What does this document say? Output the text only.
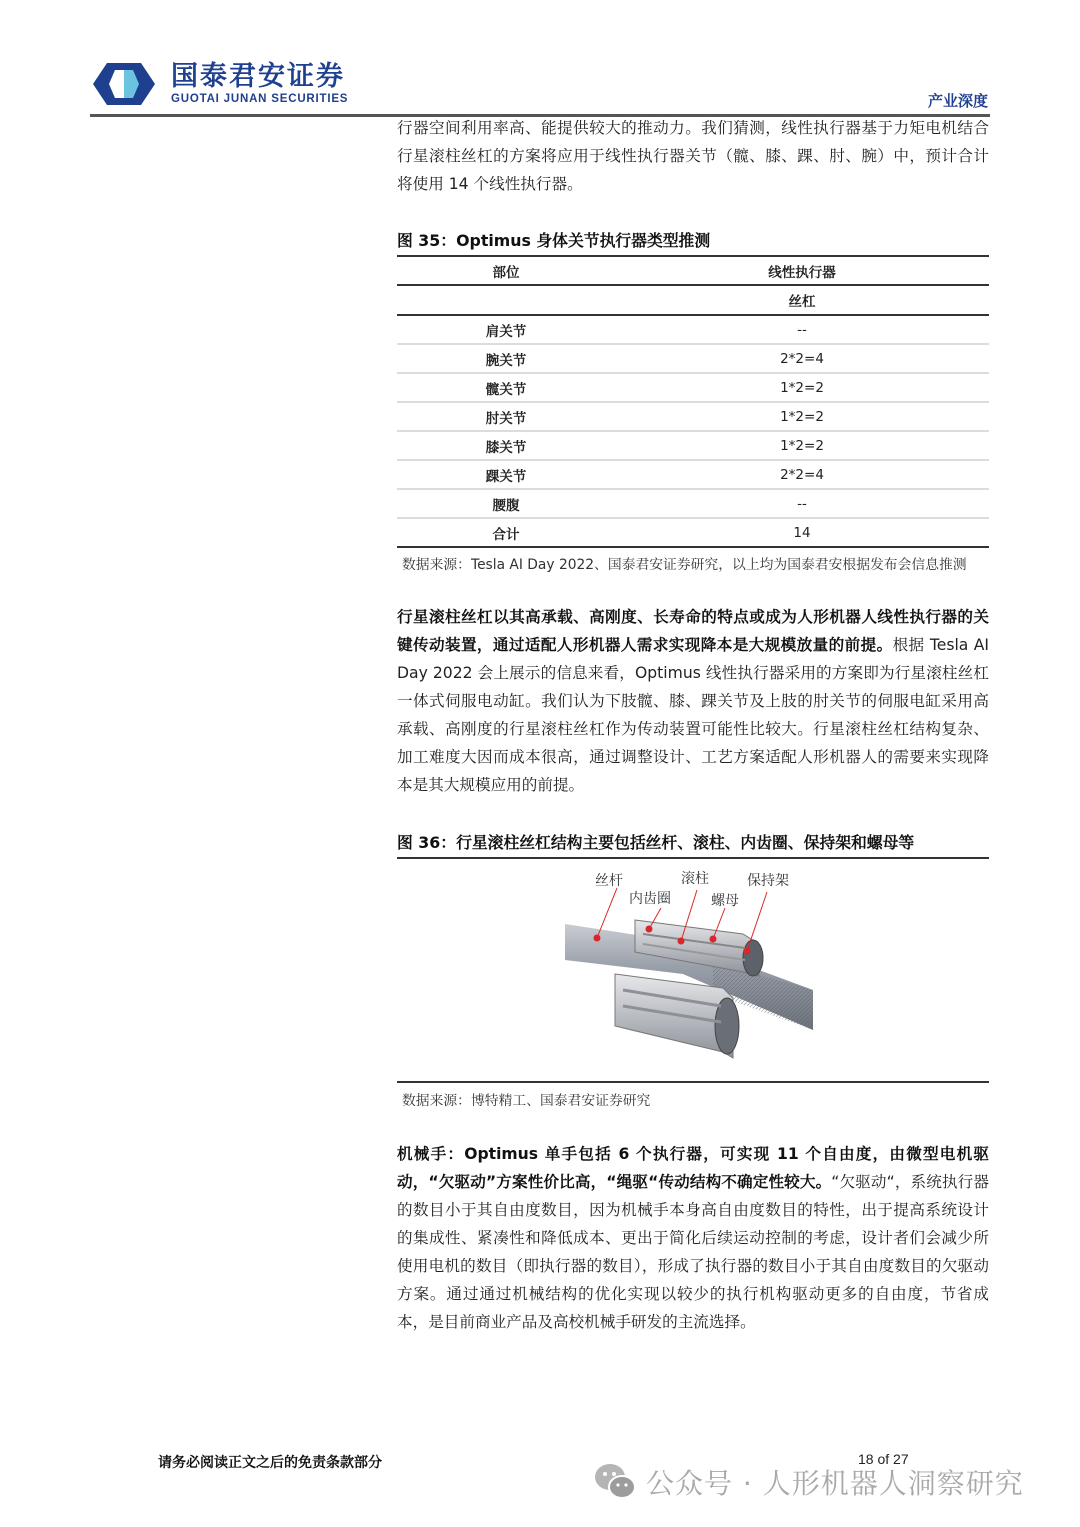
国泰君安证券
GUOTAI JUNAN SECURITIES	产业深度
行器空间利用率高、能提供较大的推动力。我们猜测，线性执行器基于力矩电机结合行星滚柱丝杠的方案将应用于线性执行器关节（髋、膝、踝、肘、腕）中，预计合计将使用 14 个线性执行器。
图 35：Optimus 身体关节执行器类型推测
部位	线性执行器
	丝杠
肩关节	--
腕关节	2*2=4
髋关节	1*2=2
肘关节	1*2=2
膝关节	1*2=2
踝关节	2*2=4
腰腹	--
合计	14
数据来源：Tesla AI Day 2022、国泰君安证券研究，以上均为国泰君安根据发布会信息推测
行星滚柱丝杠以其高承载、高刚度、长寿命的特点或成为人形机器人线性执行器的关键传动装置，通过适配人形机器人需求实现降本是大规模放量的前提。根据 Tesla AI Day 2022 会上展示的信息来看，Optimus 线性执行器采用的方案即为行星滚柱丝杠一体式伺服电动缸。我们认为下肢髋、膝、踝关节及上肢的肘关节的伺服电缸采用高承载、高刚度的行星滚柱丝杠作为传动装置可能性比较大。行星滚柱丝杠结构复杂、加工难度大因而成本很高，通过调整设计、工艺方案适配人形机器人的需要来实现降本是其大规模应用的前提。
图 36：行星滚柱丝杠结构主要包括丝杆、滚柱、内齿圈、保持架和螺母等
丝杆	滚柱	保持架
内齿圈	螺母
数据来源：博特精工、国泰君安证券研究
机械手：Optimus 单手包括 6 个执行器，可实现 11 个自由度，由微型电机驱动，“欠驱动”方案性价比高，“绳驱“传动结构不确定性较大。“欠驱动“，系统执行器的数目小于其自由度数目，因为机械手本身高自由度数目的特性，出于提高系统设计的集成性、紧凑性和降低成本、更出于简化后续运动控制的考虑，设计者们会减少所使用电机的数目（即执行器的数目），形成了执行器的数目小于其自由度数目的欠驱动方案。通过通过机械结构的优化实现以较少的执行机构驱动更多的自由度，节省成本，是目前商业产品及高校机械手研发的主流选择。
请务必阅读正文之后的免责条款部分	18 of 27
公众号 · 人形机器人洞察研究
